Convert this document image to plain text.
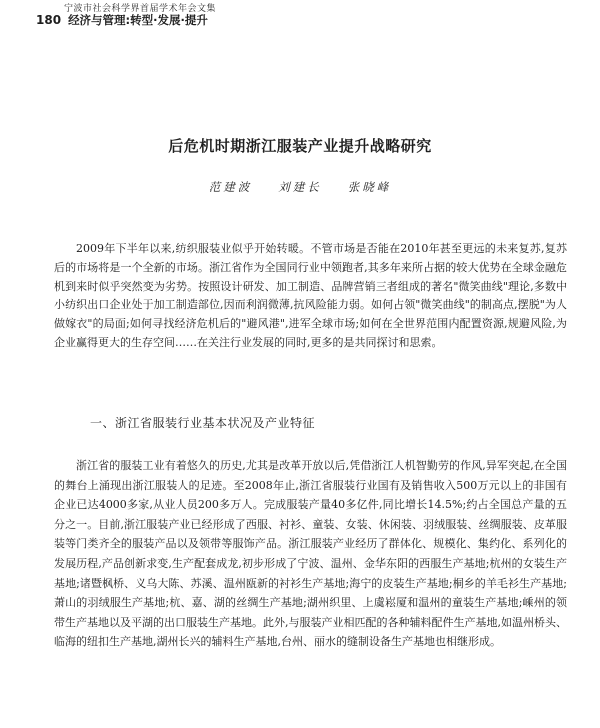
宁波市社会科学界首届学术年会文集
180 经济与管理:转型·发展·提升
后危机时期浙江服装产业提升战略研究
范建波 刘建长 张晓峰

2009年下半年以来,纺织服装业似乎开始转暖。不管市场是否能在2010年甚至更远的未来复苏,复苏后的市场将是一个全新的市场。浙江省作为全国同行业中领跑者,其多年来所占据的较大优势在全球金融危机到来时似乎突然变为劣势。按照设计研发、加工制造、品牌营销三者组成的著名"微笑曲线"理论,多数中小纺织出口企业处于加工制造部位,因而利润微薄,抗风险能力弱。如何占领"微笑曲线"的制高点,摆脱"为人做嫁衣"的局面;如何寻找经济危机后的"避风港",进军全球市场;如何在全世界范围内配置资源,规避风险,为企业赢得更大的生存空间……在关注行业发展的同时,更多的是共同探讨和思索。

一、浙江省服装行业基本状况及产业特征

浙江省的服装工业有着悠久的历史,尤其是改革开放以后,凭借浙江人机智勤劳的作风,异军突起,在全国的舞台上涌现出浙江服装人的足迹。至2008年止,浙江省服装行业国有及销售收入500万元以上的非国有企业已达4000多家,从业人员200多万人。完成服装产量40多亿件,同比增长14.5%;约占全国总产量的五分之一。目前,浙江服装产业已经形成了西服、衬衫、童装、女装、休闲装、羽绒服装、丝绸服装、皮革服装等门类齐全的服装产品以及领带等服饰产品。浙江服装产业经历了群体化、规模化、集约化、系列化的发展历程,产品创新求变,生产配套成龙,初步形成了宁波、温州、金华东阳的西服生产基地;杭州的女装生产基地;诸暨枫桥、义乌大陈、苏溪、温州瓯新的衬衫生产基地;海宁的皮装生产基地;桐乡的羊毛衫生产基地;萧山的羽绒服生产基地;杭、嘉、湖的丝绸生产基地;湖州织里、上虞崧厦和温州的童装生产基地;嵊州的领带生产基地以及平湖的出口服装生产基地。此外,与服装产业相匹配的各种辅料配件生产基地,如温州桥头、临海的纽扣生产基地,湖州长兴的辅料生产基地,台州、丽水的缝制设备生产基地也相继形成。
